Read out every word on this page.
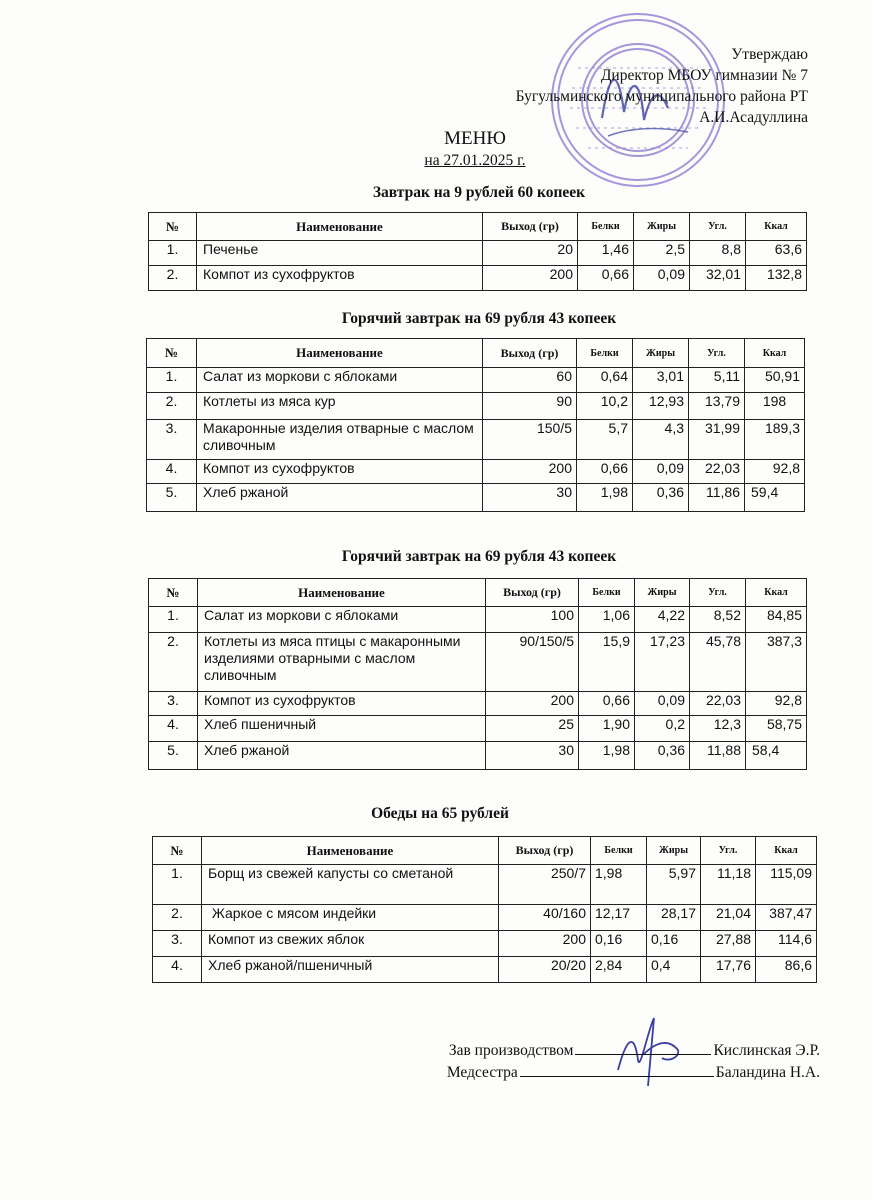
Утверждаю
Директор МБОУ гимназии № 7
Бугульминского муниципального района РТ
А.И.Асадуллина
МЕНЮ
на 27.01.2025 г.
Завтрак на 9 рублей 60 копеек
№	Наименование	Выход (гр)	Белки	Жиры	Угл.	Ккал
1.	Печенье	20	1,46	2,5	8,8	63,6
2.	Компот из сухофруктов	200	0,66	0,09	32,01	132,8
Горячий завтрак на 69 рубля 43 копеек
№	Наименование	Выход (гр)	Белки	Жиры	Угл.	Ккал
1.	Салат из моркови с яблоками	60	0,64	3,01	5,11	50,91
2.	Котлеты из мяса кур	90	10,2	12,93	13,79	198
3.	Макаронные изделия отварные с маслом сливочным	150/5	5,7	4,3	31,99	189,3
4.	Компот из сухофруктов	200	0,66	0,09	22,03	92,8
5.	Хлеб ржаной	30	1,98	0,36	11,86	59,4
Горячий завтрак на 69 рубля 43 копеек
№	Наименование	Выход (гр)	Белки	Жиры	Угл.	Ккал
1.	Салат из моркови с яблоками	100	1,06	4,22	8,52	84,85
2.	Котлеты из мяса птицы с макаронными изделиями отварными с маслом сливочным	90/150/5	15,9	17,23	45,78	387,3
3.	Компот из сухофруктов	200	0,66	0,09	22,03	92,8
4.	Хлеб пшеничный	25	1,90	0,2	12,3	58,75
5.	Хлеб ржаной	30	1,98	0,36	11,88	58,4
Обеды на 65 рублей
№	Наименование	Выход (гр)	Белки	Жиры	Угл.	Ккал
1.	Борщ из свежей капусты со сметаной	250/7	1,98	5,97	11,18	115,09
2.	Жаркое с мясом индейки	40/160	12,17	28,17	21,04	387,47
3.	Компот из свежих яблок	200	0,16	0,16	27,88	114,6
4.	Хлеб ржаной/пшеничный	20/20	2,84	0,4	17,76	86,6
Зав производством	Кислинская Э.Р.
Медсестра	Баландина Н.А.
